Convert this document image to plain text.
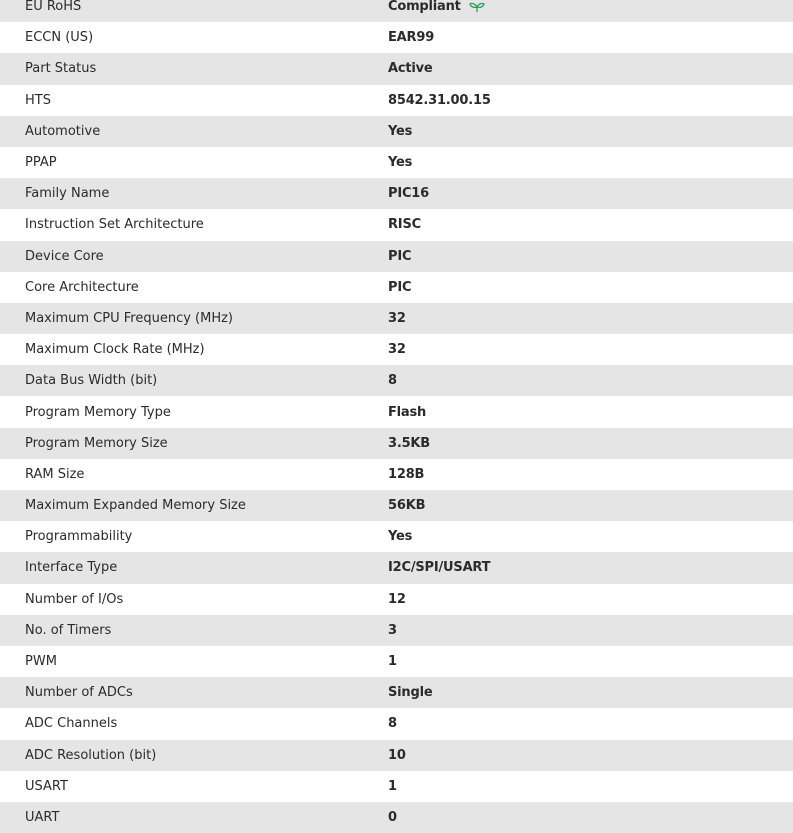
EU RoHS	Compliant
ECCN (US)	EAR99
Part Status	Active
HTS	8542.31.00.15
Automotive	Yes
PPAP	Yes
Family Name	PIC16
Instruction Set Architecture	RISC
Device Core	PIC
Core Architecture	PIC
Maximum CPU Frequency (MHz)	32
Maximum Clock Rate (MHz)	32
Data Bus Width (bit)	8
Program Memory Type	Flash
Program Memory Size	3.5KB
RAM Size	128B
Maximum Expanded Memory Size	56KB
Programmability	Yes
Interface Type	I2C/SPI/USART
Number of I/Os	12
No. of Timers	3
PWM	1
Number of ADCs	Single
ADC Channels	8
ADC Resolution (bit)	10
USART	1
UART	0
